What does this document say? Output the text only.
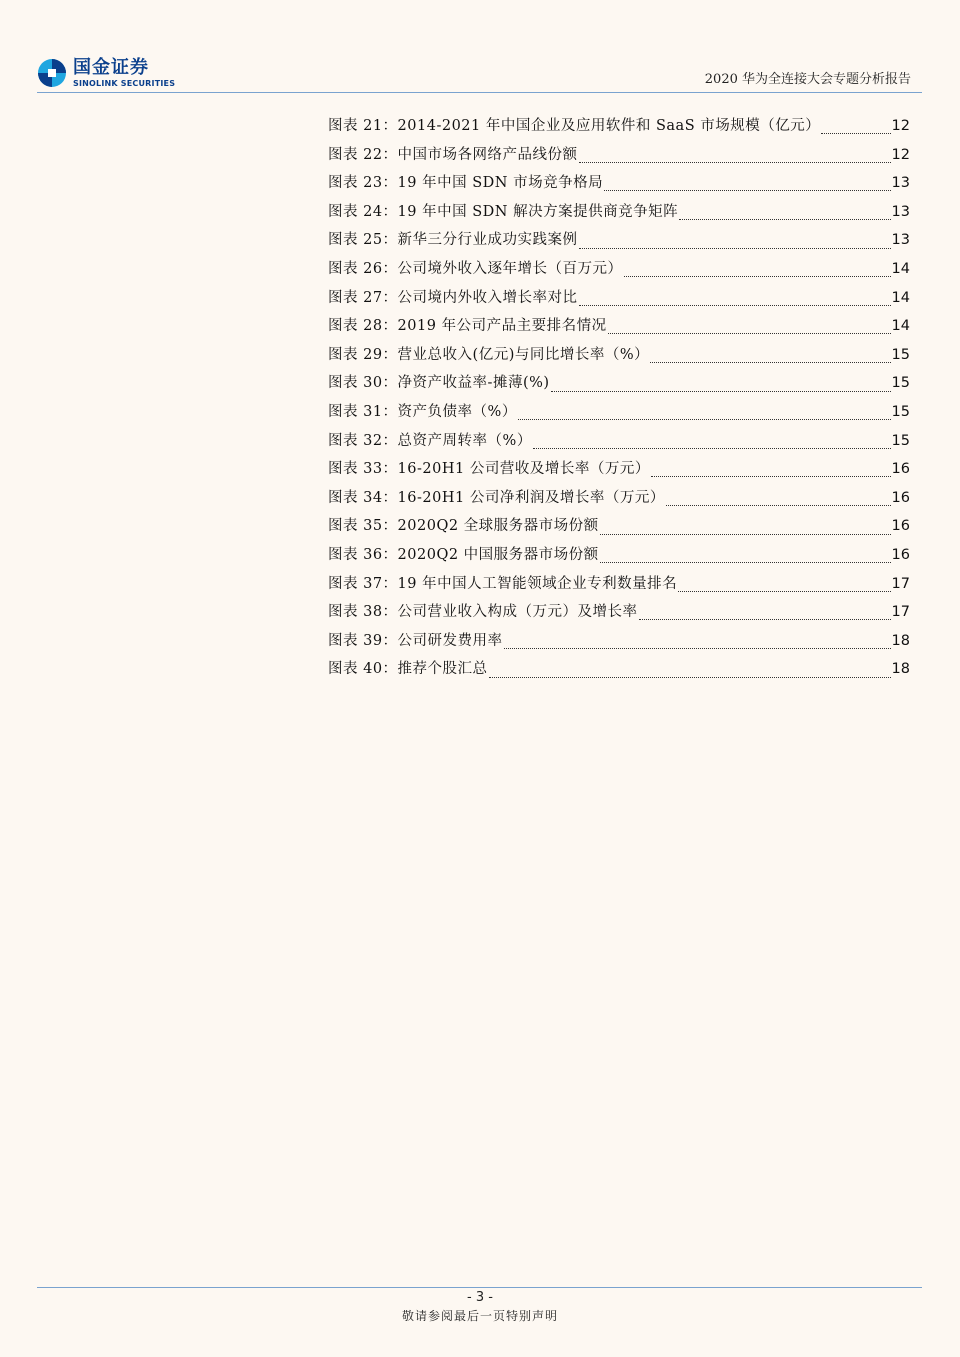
国金证券
SINOLINK SECURITIES	2020 华为全连接大会专题分析报告
图表 21：2014-2021 年中国企业及应用软件和 SaaS 市场规模（亿元）	12
图表 22：中国市场各网络产品线份额	12
图表 23：19 年中国 SDN 市场竞争格局	13
图表 24：19 年中国 SDN 解决方案提供商竞争矩阵	13
图表 25：新华三分行业成功实践案例	13
图表 26：公司境外收入逐年增长（百万元）	14
图表 27：公司境内外收入增长率对比	14
图表 28：2019 年公司产品主要排名情况	14
图表 29：营业总收入(亿元)与同比增长率（%）	15
图表 30：净资产收益率-摊薄(%)	15
图表 31：资产负债率（%）	15
图表 32：总资产周转率（%）	15
图表 33：16-20H1 公司营收及增长率（万元）	16
图表 34：16-20H1 公司净利润及增长率（万元）	16
图表 35：2020Q2 全球服务器市场份额	16
图表 36：2020Q2 中国服务器市场份额	16
图表 37：19 年中国人工智能领域企业专利数量排名	17
图表 38：公司营业收入构成（万元）及增长率	17
图表 39：公司研发费用率	18
图表 40：推荐个股汇总	18
- 3 -
敬请参阅最后一页特别声明
